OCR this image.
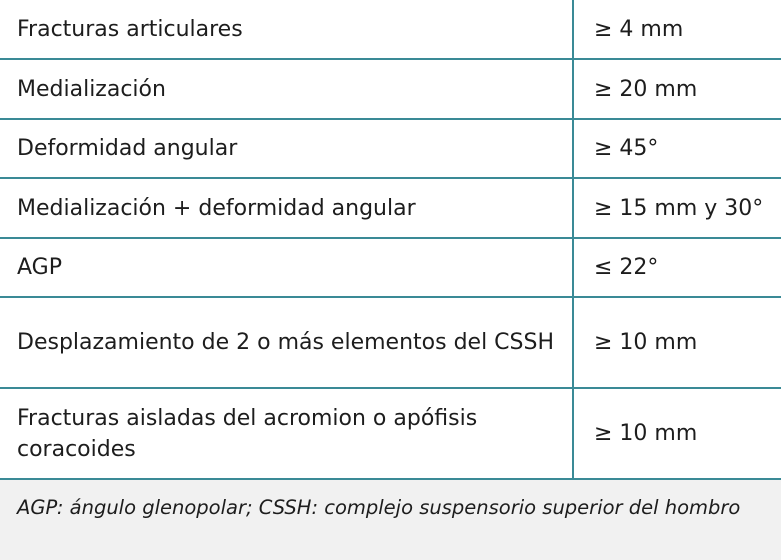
Fracturas articulares	≥ 4 mm
Medialización	≥ 20 mm
Deformidad angular	≥ 45°
Medialización + deformidad angular	≥ 15 mm y 30°
AGP	≤ 22°
Desplazamiento de 2 o más elementos del CSSH	≥ 10 mm
Fracturas aisladas del acromion o apófisis coracoides	≥ 10 mm
AGP: ángulo glenopolar; CSSH: complejo suspensorio superior del hombro
